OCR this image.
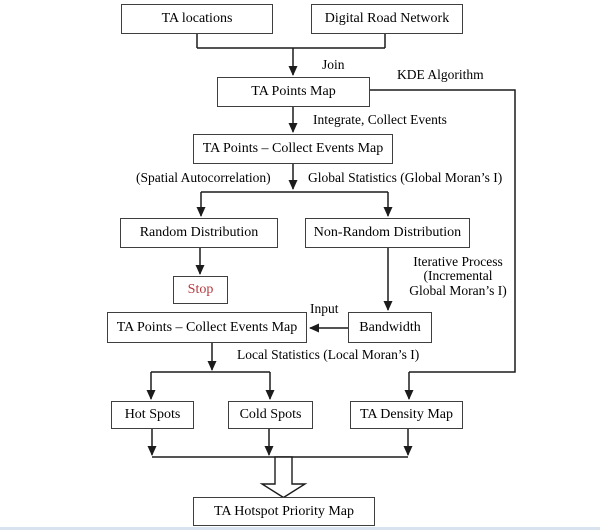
TA locations	Digital Road Network
TA Points Map
TA Points – Collect Events Map
Random Distribution	Non-Random Distribution
Stop
TA Points – Collect Events Map	Bandwidth
Hot Spots	Cold Spots	TA Density Map
TA Hotspot Priority Map
Join
KDE Algorithm
Integrate, Collect Events
(Spatial Autocorrelation)	Global Statistics (Global Moran’s I)
Iterative Process
(Incremental
Global Moran’s I)
Input
Local Statistics (Local Moran’s I)
